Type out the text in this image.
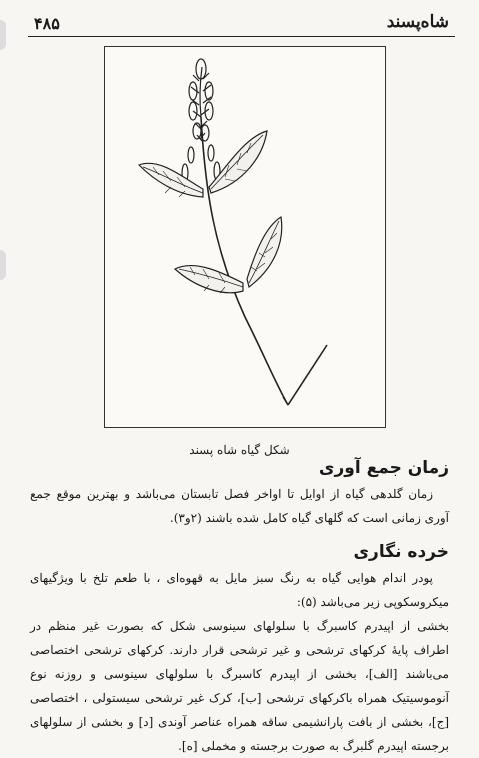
۴۸۵	شاه‌پسند
شکل گیاه شاه پسند
زمان جمع آوری

زمان گلدهی گیاه از اوایل تا اواخر فصل تابستان می‌باشد و بهترین موقع جمع آوری زمانی است که گلهای گیاه کامل شده باشند (۲و۳).

خرده نگاری

پودر اندام هوایی گیاه به رنگ سبز مایل به قهوه‌ای ، با طعم تلخ با ویژگیهای میکروسکوپی زیر می‌باشد (۵):

بخشی از اپیدرم کاسبرگ با سلولهای سینوسی شکل که بصورت غیر منظم در اطراف پایهٔ کرکهای ترشحی و غیر ترشحی قرار دارند. کرکهای ترشحی اختصاصی می‌باشند [الف]، بخشی از اپیدرم کاسبرگ با سلولهای سینوسی و روزنه نوع آنوموسیتیک همراه باکرکهای ترشحی [ب]، کرک غیر ترشحی سیستولی ، اختصاصی [ج]، بخشی از بافت پارانشیمی ساقه همراه عناصر آوندی [د] و بخشی از سلولهای برجسته اپیدرم گلبرگ به صورت برجسته و مخملی [ه].
